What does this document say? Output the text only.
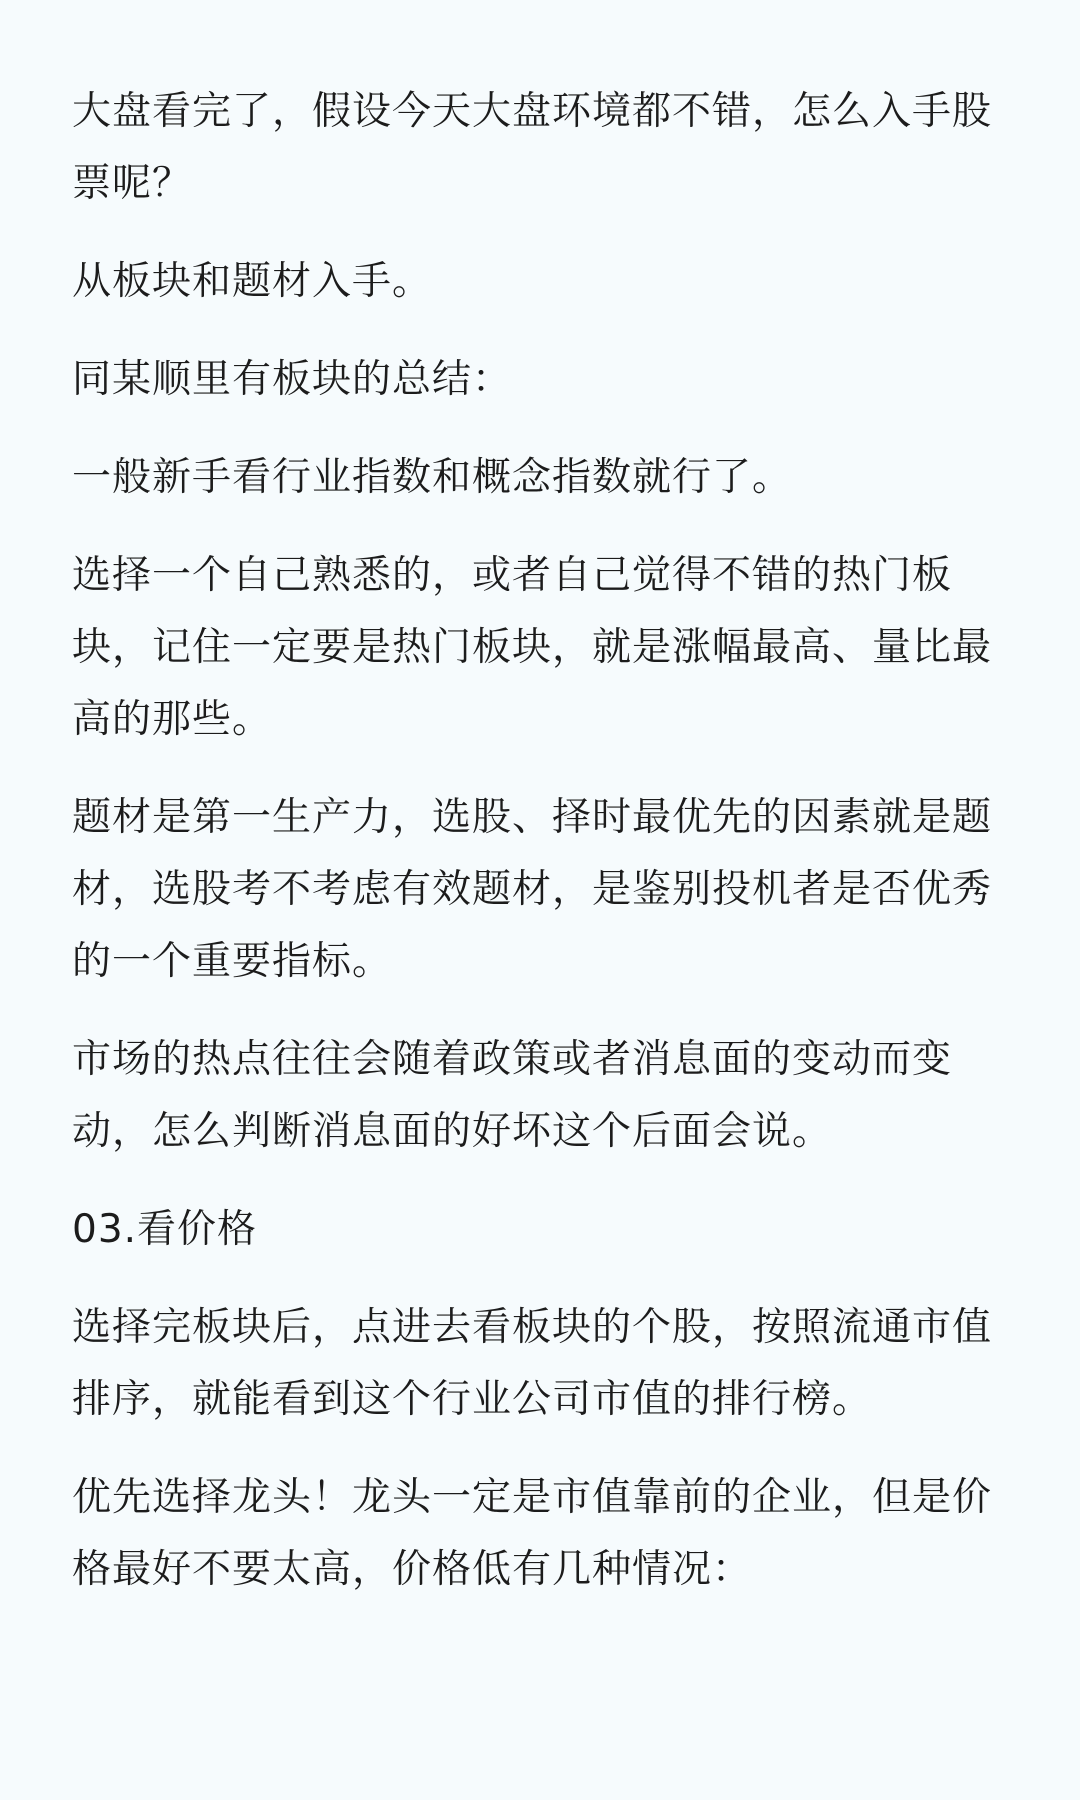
大盘看完了，假设今天大盘环境都不错，怎么入手股票呢？

从板块和题材入手。

同某顺里有板块的总结：

一般新手看行业指数和概念指数就行了。

选择一个自己熟悉的，或者自己觉得不错的热门板块，记住一定要是热门板块，就是涨幅最高、量比最高的那些。

题材是第一生产力，选股、择时最优先的因素就是题材，选股考不考虑有效题材，是鉴别投机者是否优秀的一个重要指标。

市场的热点往往会随着政策或者消息面的变动而变动，怎么判断消息面的好坏这个后面会说。

03.看价格

选择完板块后，点进去看板块的个股，按照流通市值排序，就能看到这个行业公司市值的排行榜。

优先选择龙头！龙头一定是市值靠前的企业，但是价格最好不要太高，价格低有几种情况：
